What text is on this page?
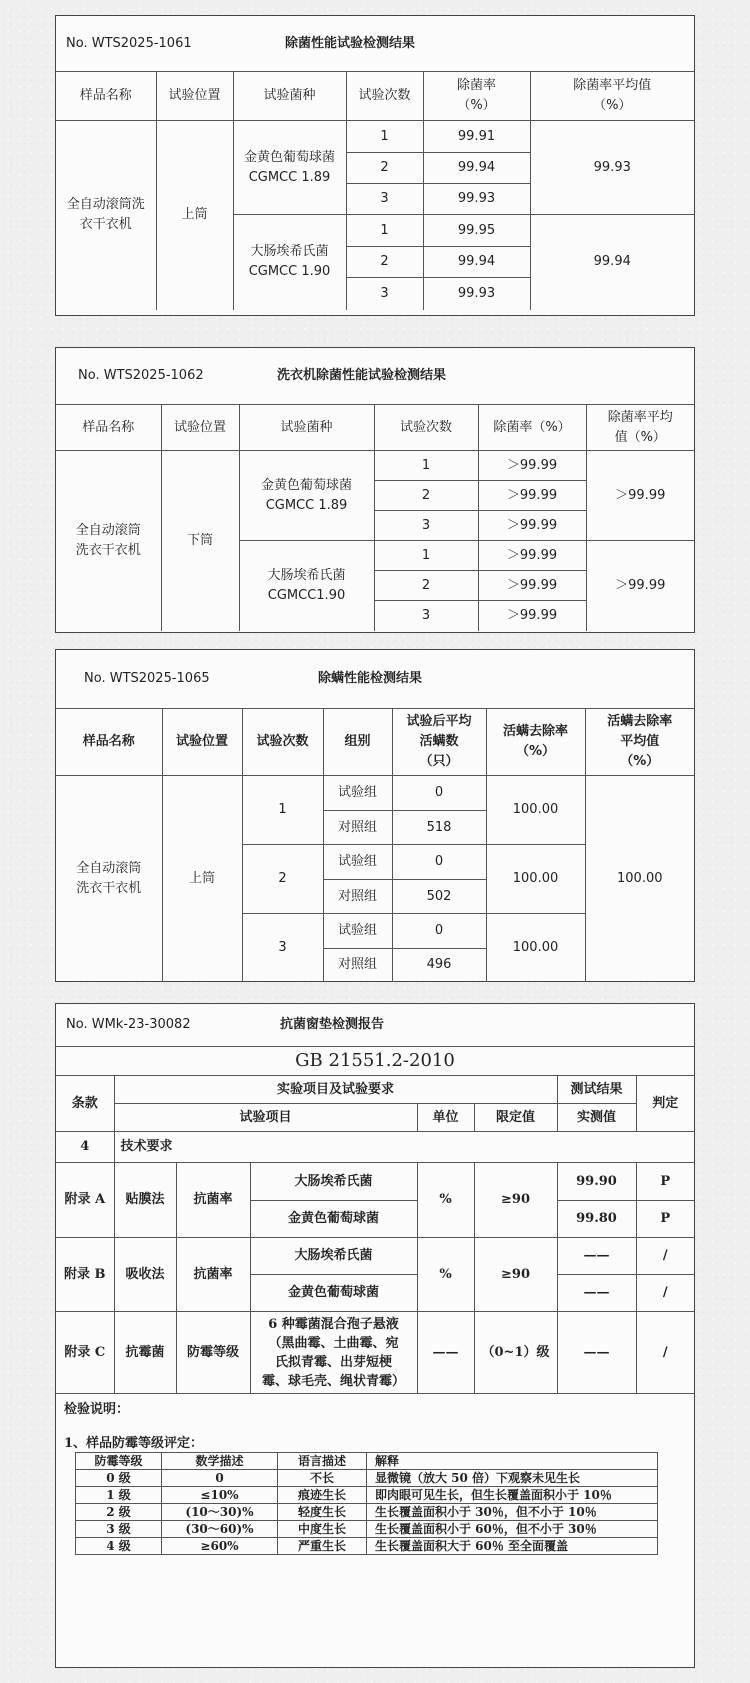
No. WTS2025-1061	除菌性能试验检测结果
样品名称	试验位置	试验菌种	试验次数	除菌率
（%）	除菌率平均值
（%）
全自动滚筒洗
衣干衣机	上筒	金黄色葡萄球菌
CGMCC 1.89	1	99.91	99.93
			2	99.94	
			3	99.93	
		大肠埃希氏菌
CGMCC 1.90	1	99.95	99.94
			2	99.94	
			3	99.93	
No. WTS2025-1062	洗衣机除菌性能试验检测结果
样品名称	试验位置	试验菌种	试验次数	除菌率（%）	除菌率平均
值（%）
全自动滚筒
洗衣干衣机	下筒	金黄色葡萄球菌
CGMCC 1.89	1	＞99.99	＞99.99
			2	＞99.99	
			3	＞99.99	
		大肠埃希氏菌
CGMCC1.90	1	＞99.99	＞99.99
			2	＞99.99	
			3	＞99.99	
No. WTS2025-1065	除螨性能检测结果
样品名称	试验位置	试验次数	组别	试验后平均
活螨数
（只）	活螨去除率
（%）	活螨去除率
平均值
（%）
全自动滚筒
洗衣干衣机	上筒	1	试验组	0	100.00	100.00
			对照组	518		
		2	试验组	0	100.00	
			对照组	502		
		3	试验组	0	100.00	
			对照组	496		
No. WMk-23-30082	抗菌窗垫检测报告
GB 21551.2-2010							
条款	实验项目及试验要求					测试结果	判定
	试验项目			单位	限定值	实测值	
4	技术要求						
附录 A	贴膜法	抗菌率	大肠埃希氏菌	%	≥90	99.90	P
			金黄色葡萄球菌			99.80	P
附录 B	吸收法	抗菌率	大肠埃希氏菌	%	≥90	——	/
			金黄色葡萄球菌			——	/
附录 C	抗霉菌	防霉等级	6 种霉菌混合孢子悬液
（黑曲霉、土曲霉、宛
氏拟青霉、出芽短梗
霉、球毛壳、绳状青霉）	——	（0~1）级	——	/
检验说明：
1、样品防霉等级评定：
防霉等级	数学描述	语言描述	解释
0 级	0	不长	显微镜（放大 50 倍）下观察未见生长
1 级	≤10%	痕迹生长	即肉眼可见生长，但生长覆盖面积小于 10％
2 级	(10～30)%	轻度生长	生长覆盖面积小于 30％，但不小于 10％
3 级	(30～60)%	中度生长	生长覆盖面积小于 60％，但不小于 30％
4 级	≥60%	严重生长	生长覆盖面积大于 60％ 至全面覆盖
